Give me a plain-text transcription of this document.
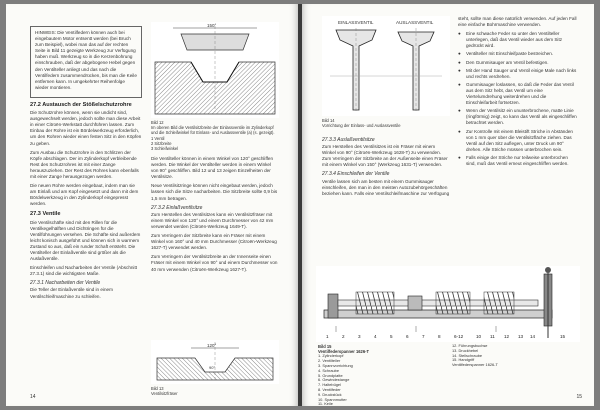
HINWEIS: Die Ventilfedern können auch bei eingebautem Motor entsentt werden (bei Bruch zum Beispiel), wobei man das auf der rechten Seite in Bild 11 gezeigte Werkzeug zur Verfügung haben muß. Werkzeug so in die Kerzenbohrung einschrauben, daß der abgebogene Hebel gegen den Ventilteller anliegt und das nach die Ventilfedern zusammendrücken, bis man die Keile entfernen kann. In umgekehrter Reihenfolge wieder montieren.

27.2 Austausch der Stößelschutzrohre

Die Schutzrohre können, wenn sie undicht sind, ausgewechselt werden, jedoch sollte man diese Arbeit in einer Citroën-Werkstatt durchführen lassen. Zum Einbau der Rohre ist ein Bördelwerkzeug erforderlich, um den Rohren wieder einen festen Sitz in den Köpfen zu geben.

Zum Ausbau die Schutzrohre in den Schlitzen der Köpfe abschlagen. Der im Zylinderkopf verbleibende Rest des Schutzrohres ist mit einer Zange herauszuziehen. Der Rest des Rohres kann ebenfalls mit einer Zange herausgezogen werden.

Die neuen Rohre werden eingebaut, indem man sie am Einlaß und am Kopf eingesetzt und dann mit dem Bördelwerkzeug in den Zylinderkopf eingepresst werden.

27.3 Ventile

Die Ventilschäfte sind mit den Rillen für die Ventilkegelhälften und Dichtringen für die Ventilführungen versehen. Die Schäfte sind außerdem leicht konisch ausgeführt und können sich in warmem Zustand so aus, daß ein runder Schaft entsteht. Die Ventilteller der Einlaßventile sind größer als die Auslaßventile.

Einschleifen und Nacharbeiten der Ventile (Abschnitt 27.3.1) sind die wichtigsten Maße.

27.3.1 Nacharbeiten der Ventile

Die Teller der Einlaßventile sind in einem Ventilschleifmaschine zu schleifen.

150°
Bild 12
Im oberen Bild die Ventilsitzbreite der Einlassventile im Zylinderkopf und die Schleifwinkel für Einlass- und Auslassventile (a) (s. gezeigt).
1 Ventil
2 Sitzbreite
3 Schleifwinkel

Die Ventilteller können in einem Winkel von 120° geschliffen werden. Die Winkel der Ventilteller werden in einem Winkel von 90° geschliffen. Bild 12 und 13 zeigen Einzelheiten der Ventilsitze.

Neue Ventilsitzringe können nicht eingebaut werden, jedoch lassen sich die Sitze nacharbeiten. Die Sitzbreite sollte 0,9 bis 1,5 mm betragen.

27.3.2 Einlaßventilsitze

Zum Herstellen des Ventilsitzes kann ein Ventilsitzfräser mit einem Winkel von 120° und einem Durchmesser von 42 mm verwendet werden (Citroën-Werkzeug 1649-T).

Zum Verringern der Sitzbreite kann ein Fräser mit einem Winkel von 160° und 40 mm Durchmesser (Citroën-Werkzeug 1627-T) verwendet werden.

Zum Verringern der Ventilsitzbreite an der Innenseite einen Fräser mit einem Winkel von 90° und einem Durchmesser von 40 mm verwenden (Citroën-Werkzeug 1627-T).

120°
90°
Bild 13
Ventilsitzfräser
14
EINLASSVENTIL	AUSLASSVENTIL
Bild 14
Vorrichtung der Einlass- und Auslassventile
27.3.3 Auslaßventilsitze

Zum Herstellen des Ventilsitzes ist ein Fräser mit einem Winkel von 90° (Citroën-Werkzeug 1628-T) zu verwenden. Zum Verringern der Sitzbreite an der Außenseite einen Fräser mit einem Winkel von 150° (Werkzeug 1631-T) verwenden.

27.3.4 Einschleifen der Ventile

Ventile lassen sich am besten mit einem Gummisauger einschleifen, den man in den meisten Autozubehörgeschäften beziehen kann. Falls eine Ventilschleifmaschine zur Verfügung

steht, sollte man diese natürlich verwenden. Auf jeden Fall eine einfache Bohrmaschine verwenden.

● Eine schwache Feder so unter den Ventilteller unterlegen, daß das Ventil wieder aus dem Sitz gedrückt wird.
● Ventilteller mit Einschleifpaste bestreichen.
● Den Gummisauger am Ventil befestigen.
● Mit der Hand Sauger und Ventil einige Male nach links und rechts verdrehen.
● Gummisauger loslassen, so daß die Feder das Ventil aus dem Sitz hebt, das Ventil um eine Viertelumdrehung weiterdrehen und die Einschleifarbeit fortsetzen.
● Wenn der Ventilsitz ein ununterbrochene, matte Linie (ringförmig) zeigt, so kann das Ventil als eingeschliffen betrachtet werden.
● Zur Kontrolle mit einem Bleistift Striche in Abständen von 1 mm quer über die Ventilsitzfläche ziehen. Das Ventil auf den Sitz auflegen, unter Druck um 90° drehen. Alle Striche müssen unterbrochen sein.
● Falls einige der Striche nur teilweise unterbrochen sind, muß das Ventil erneut eingeschliffen werden.
1	2	3	4	5	6	7	8	6-12	10 11 12 13 14	15
Bild 15
Ventilfederspanner 1626-T
1. Zylinderkopf
2. Ventilteller
3. Spannvorrichtung
4. Schraube
5. Grundplatte
6. Gewindestange
7. Haltebügel
8. Ventilfeder
9. Druckstück
10. Spannmutter
11. Keile
12. Führungsbuchse
13. Druckhebel
14. Stellschraube
15. Handgriff
Ventilfederspanner 1626-T
15
